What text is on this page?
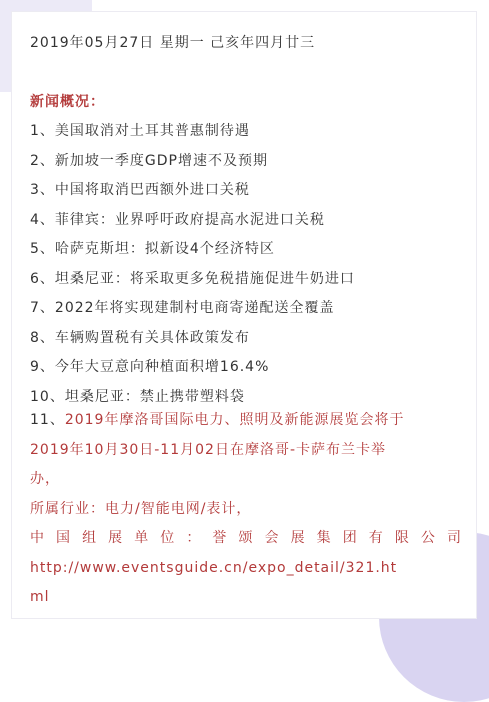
2019年05月27日 星期一 己亥年四月廿三
新闻概况：
1、美国取消对土耳其普惠制待遇
2、新加坡一季度GDP增速不及预期
3、中国将取消巴西额外进口关税
4、菲律宾：业界呼吁政府提高水泥进口关税
5、哈萨克斯坦：拟新设4个经济特区
6、坦桑尼亚：将采取更多免税措施促进牛奶进口
7、2022年将实现建制村电商寄递配送全覆盖
8、车辆购置税有关具体政策发布
9、今年大豆意向种植面积增16.4%
10、坦桑尼亚：禁止携带塑料袋
11、2019年摩洛哥国际电力、照明及新能源展览会将于
2019年10月30日-11月02日在摩洛哥-卡萨布兰卡举
办，
所属行业：电力/智能电网/表计，
中国组展单位：誉颂会展集团有限公司
http://www.eventsguide.cn/expo_detail/321.ht
ml
